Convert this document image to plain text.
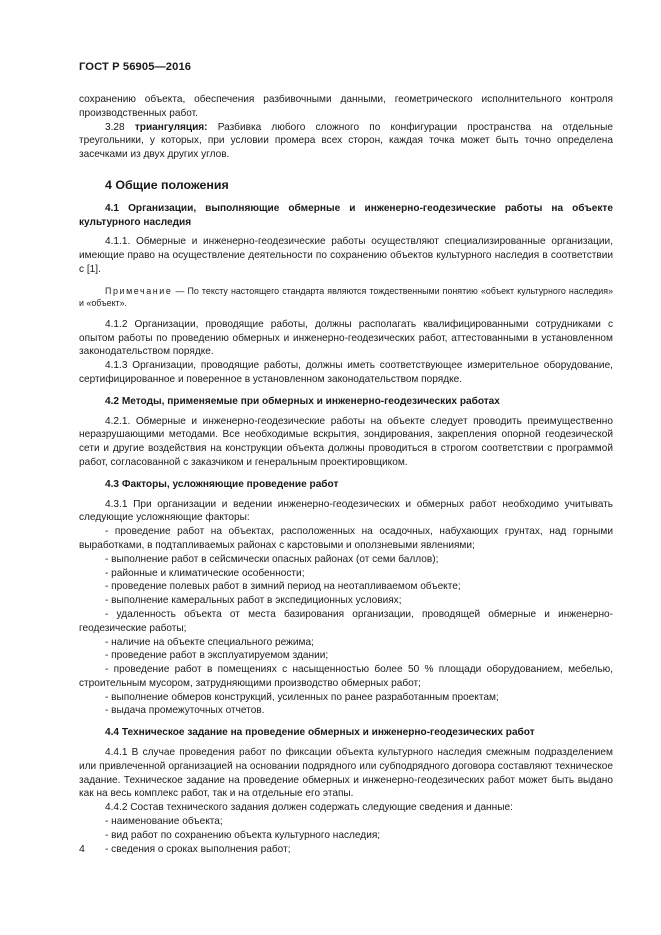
ГОСТ Р 56905—2016

сохранению объекта, обеспечения разбивочными данными, геометрического исполнительного контроля производственных работ.

3.28 триангуляция: Разбивка любого сложного по конфигурации пространства на отдельные треугольники, у которых, при условии промера всех сторон, каждая точка может быть точно определена засечками из двух других углов.

4 Общие положения

4.1 Организации, выполняющие обмерные и инженерно-геодезические работы на объекте культурного наследия

4.1.1. Обмерные и инженерно-геодезические работы осуществляют специализированные организации, имеющие право на осуществление деятельности по сохранению объектов культурного наследия в соответствии с [1].

Примечание — По тексту настоящего стандарта являются тождественными понятию «объект культурного наследия» и «объект».

4.1.2 Организации, проводящие работы, должны располагать квалифицированными сотрудниками с опытом работы по проведению обмерных и инженерно-геодезических работ, аттестованными в установленном законодательством порядке.

4.1.3 Организации, проводящие работы, должны иметь соответствующее измерительное оборудование, сертифицированное и поверенное в установленном законодательством порядке.

4.2 Методы, применяемые при обмерных и инженерно-геодезических работах

4.2.1. Обмерные и инженерно-геодезические работы на объекте следует проводить преимущественно неразрушающими методами. Все необходимые вскрытия, зондирования, закрепления опорной геодезической сети и другие воздействия на конструкции объекта должны проводиться в строгом соответствии с программой работ, согласованной с заказчиком и генеральным проектировщиком.

4.3 Факторы, усложняющие проведение работ

4.3.1 При организации и ведении инженерно-геодезических и обмерных работ необходимо учитывать следующие усложняющие факторы:

- проведение работ на объектах, расположенных на осадочных, набухающих грунтах, над горными выработками, в подтапливаемых районах с карстовыми и оползневыми явлениями;

- выполнение работ в сейсмически опасных районах (от семи баллов);

- районные и климатические особенности;

- проведение полевых работ в зимний период на неотапливаемом объекте;

- выполнение камеральных работ в экспедиционных условиях;

- удаленность объекта от места базирования организации, проводящей обмерные и инженерно-геодезические работы;

- наличие на объекте специального режима;

- проведение работ в эксплуатируемом здании;

- проведение работ в помещениях с насыщенностью более 50 % площади оборудованием, мебелью, строительным мусором, затрудняющими производство обмерных работ;

- выполнение обмеров конструкций, усиленных по ранее разработанным проектам;

- выдача промежуточных отчетов.

4.4 Техническое задание на проведение обмерных и инженерно-геодезических работ

4.4.1 В случае проведения работ по фиксации объекта культурного наследия смежным подразделением или привлеченной организацией на основании подрядного или субподрядного договора составляют техническое задание. Техническое задание на проведение обмерных и инженерно-геодезических работ может быть выдано как на весь комплекс работ, так и на отдельные его этапы.

4.4.2 Состав технического задания должен содержать следующие сведения и данные:

- наименование объекта;

- вид работ по сохранению объекта культурного наследия;

- сведения о сроках выполнения работ;

4
